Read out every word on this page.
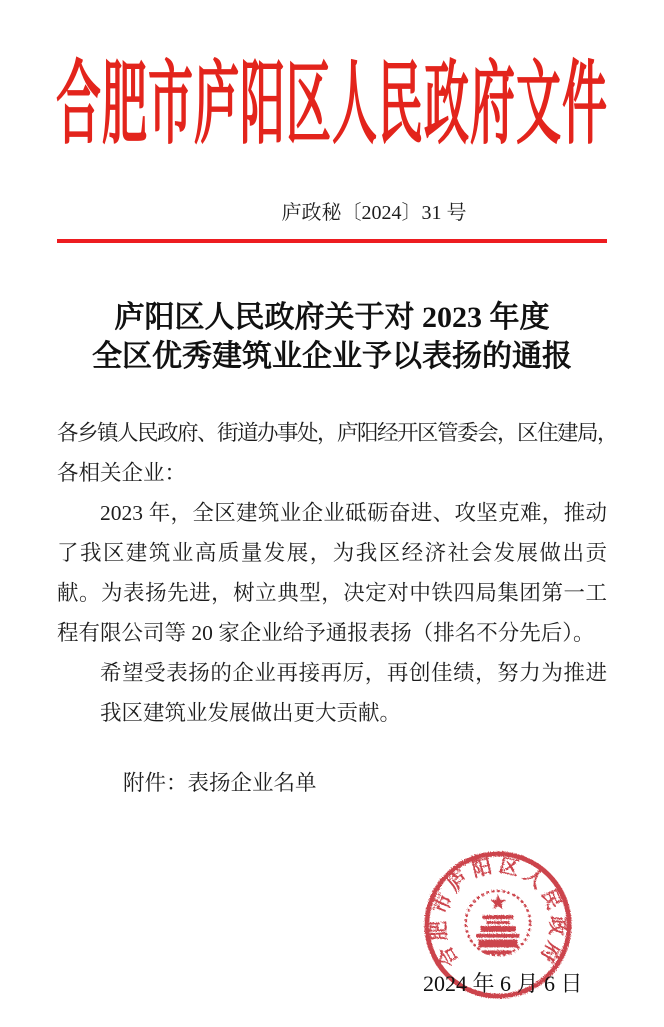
合肥市庐阳区人民政府文件
庐政秘〔2024〕31 号
庐阳区人民政府关于对 2023 年度
全区优秀建筑业企业予以表扬的通报

各乡镇人民政府、街道办事处，庐阳经开区管委会，区住建局，

各相关企业：

2023 年，全区建筑业企业砥砺奋进、攻坚克难，推动了我区建筑业高质量发展，为我区经济社会发展做出贡献。为表扬先进，树立典型，决定对中铁四局集团第一工程有限公司等 20 家企业给予通报表扬（排名不分先后）。

希望受表扬的企业再接再厉，再创佳绩，努力为推进我区建筑业发展做出更大贡献。

附件：表扬企业名单
合肥市庐阳区人民政府
2024 年 6 月 6 日
